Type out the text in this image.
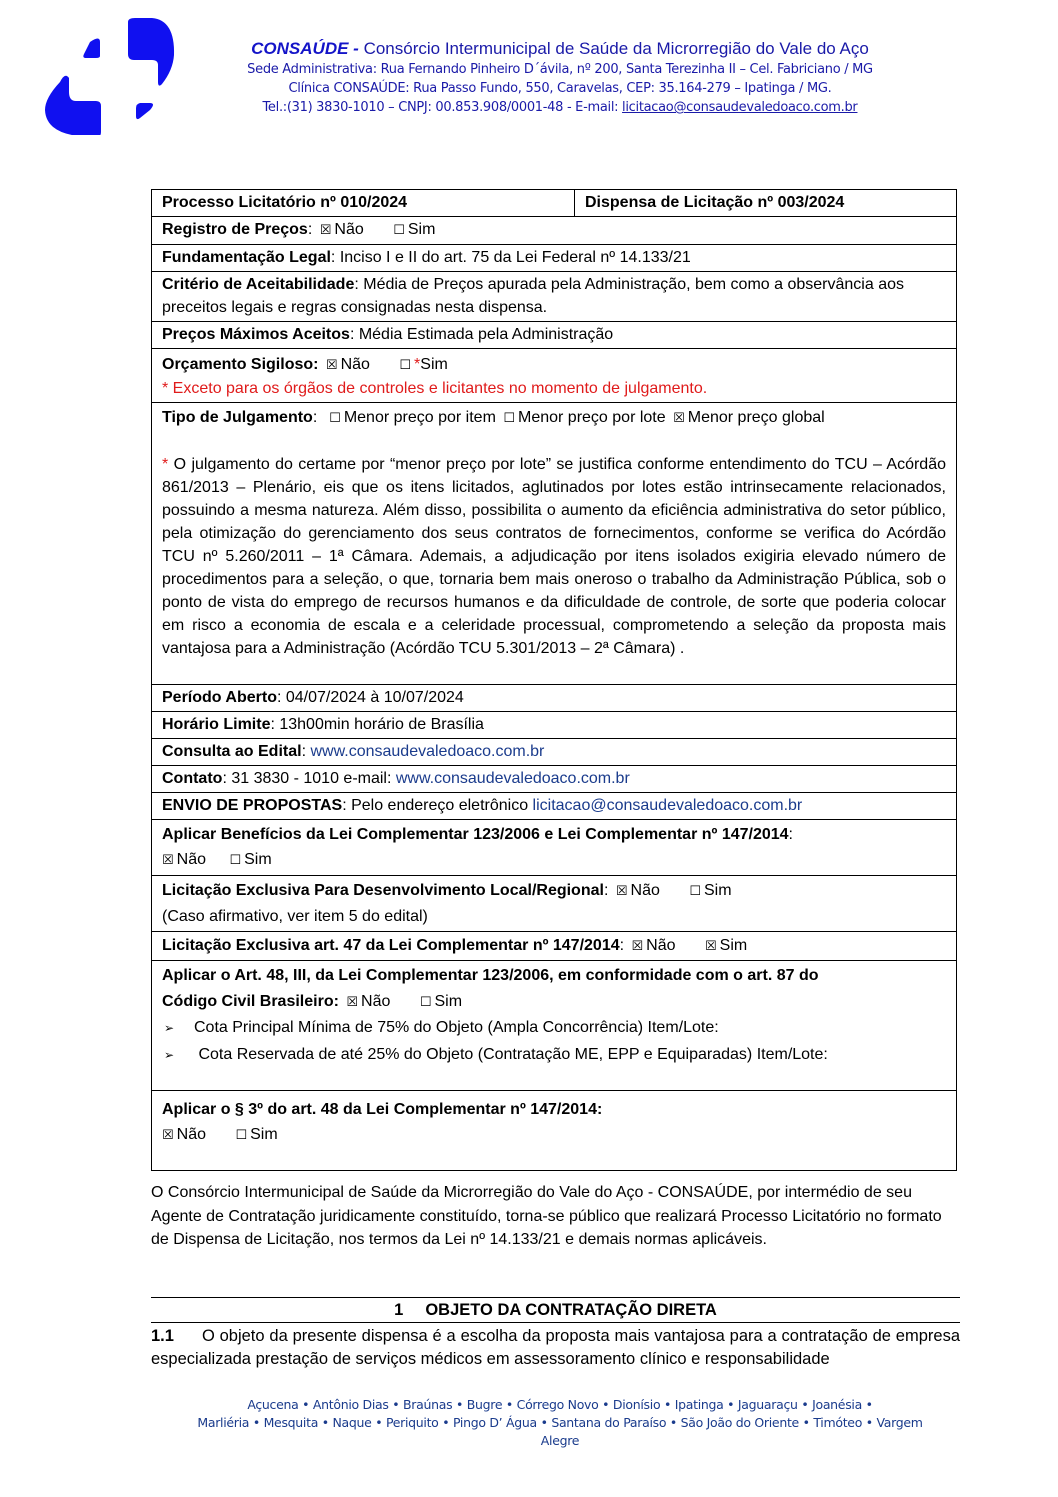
CONSAÚDE - Consórcio Intermunicipal de Saúde da Microrregião do Vale do Aço
Sede Administrativa: Rua Fernando Pinheiro D´ávila, nº 200, Santa Terezinha II – Cel. Fabriciano / MG
Clínica CONSAÚDE: Rua Passo Fundo, 550, Caravelas, CEP: 35.164-279 – Ipatinga / MG.
Tel.:(31) 3830-1010 – CNPJ: 00.853.908/0001-48 - E-mail: licitacao@consaudevaledoaco.com.br
Processo Licitatório nº 010/2024	Dispensa de Licitação nº 003/2024
Registro de Preços: ☒ Não ☐ Sim
Fundamentação Legal: Inciso I e II do art. 75 da Lei Federal nº 14.133/21
Critério de Aceitabilidade: Média de Preços apurada pela Administração, bem como a observância aos preceitos legais e regras consignadas nesta dispensa.
Preços Máximos Aceitos: Média Estimada pela Administração
Orçamento Sigiloso: ☒ Não ☐ *Sim
* Exceto para os órgãos de controles e licitantes no momento de julgamento.

Tipo de Julgamento: ☐ Menor preço por item ☐ Menor preço por lote ☒ Menor preço global
* O julgamento do certame por “menor preço por lote” se justifica conforme entendimento do TCU – Acórdão 861/2013 – Plenário, eis que os itens licitados, aglutinados por lotes estão intrinsecamente relacionados, possuindo a mesma natureza. Além disso, possibilita o aumento da eficiência administrativa do setor público, pela otimização do gerenciamento dos seus contratos de fornecimentos, conforme se verifica do Acórdão TCU nº 5.260/2011 – 1ª Câmara. Ademais, a adjudicação por itens isolados exigiria elevado número de procedimentos para a seleção, o que, tornaria bem mais oneroso o trabalho da Administração Pública, sob o ponto de vista do emprego de recursos humanos e da dificuldade de controle, de sorte que poderia colocar em risco a economia de escala e a celeridade processual, comprometendo a seleção da proposta mais vantajosa para a Administração (Acórdão TCU 5.301/2013 – 2ª Câmara) .

Período Aberto: 04/07/2024 à 10/07/2024
Horário Limite: 13h00min horário de Brasília
Consulta ao Edital: www.consaudevaledoaco.com.br
Contato: 31 3830 - 1010 e-mail: www.consaudevaledoaco.com.br
ENVIO DE PROPOSTAS: Pelo endereço eletrônico licitacao@consaudevaledoaco.com.br
Aplicar Benefícios da Lei Complementar 123/2006 e Lei Complementar nº 147/2014:
☒ Não ☐ Sim

Licitação Exclusiva Para Desenvolvimento Local/Regional: ☒ Não ☐ Sim
(Caso afirmativo, ver item 5 do edital)

Licitação Exclusiva art. 47 da Lei Complementar nº 147/2014: ☒ Não ☒ Sim

Aplicar o Art. 48, III, da Lei Complementar 123/2006, em conformidade com o art. 87 do
Código Civil Brasileiro: ☒ Não ☐ Sim
➢ Cota Principal Mínima de 75% do Objeto (Ampla Concorrência) Item/Lote:
➢ Cota Reservada de até 25% do Objeto (Contratação ME, EPP e Equiparadas) Item/Lote:

Aplicar o § 3º do art. 48 da Lei Complementar nº 147/2014:
☒ Não ☐ Sim
O Consórcio Intermunicipal de Saúde da Microrregião do Vale do Aço - CONSAÚDE, por intermédio de seu Agente de Contratação juridicamente constituído, torna-se público que realizará Processo Licitatório no formato de Dispensa de Licitação, nos termos da Lei nº 14.133/21 e demais normas aplicáveis.
1 OBJETO DA CONTRATAÇÃO DIRETA
1.1 O objeto da presente dispensa é a escolha da proposta mais vantajosa para a contratação de empresa especializada prestação de serviços médicos em assessoramento clínico e responsabilidade
Açucena • Antônio Dias • Braúnas • Bugre • Córrego Novo • Dionísio • Ipatinga • Jaguaraçu • Joanésia •
Marliéria • Mesquita • Naque • Periquito • Pingo D’ Água • Santana do Paraíso • São João do Oriente • Timóteo • Vargem
Alegre
